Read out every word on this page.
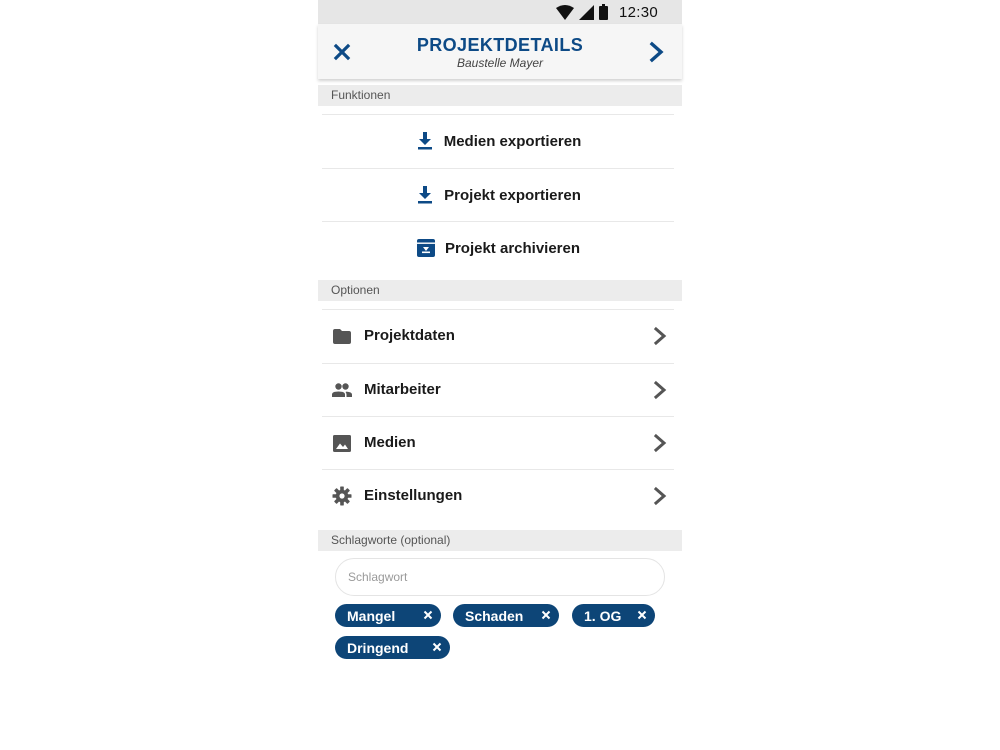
12:30
PROJEKTDETAILS
Baustelle Mayer
Funktionen
Medien exportieren
Projekt exportieren
Projekt archivieren
Optionen
Projektdaten
Mitarbeiter
Medien
Einstellungen
Schlagworte (optional)
Schlagwort
Mangel	Schaden	1. OG
Dringend
